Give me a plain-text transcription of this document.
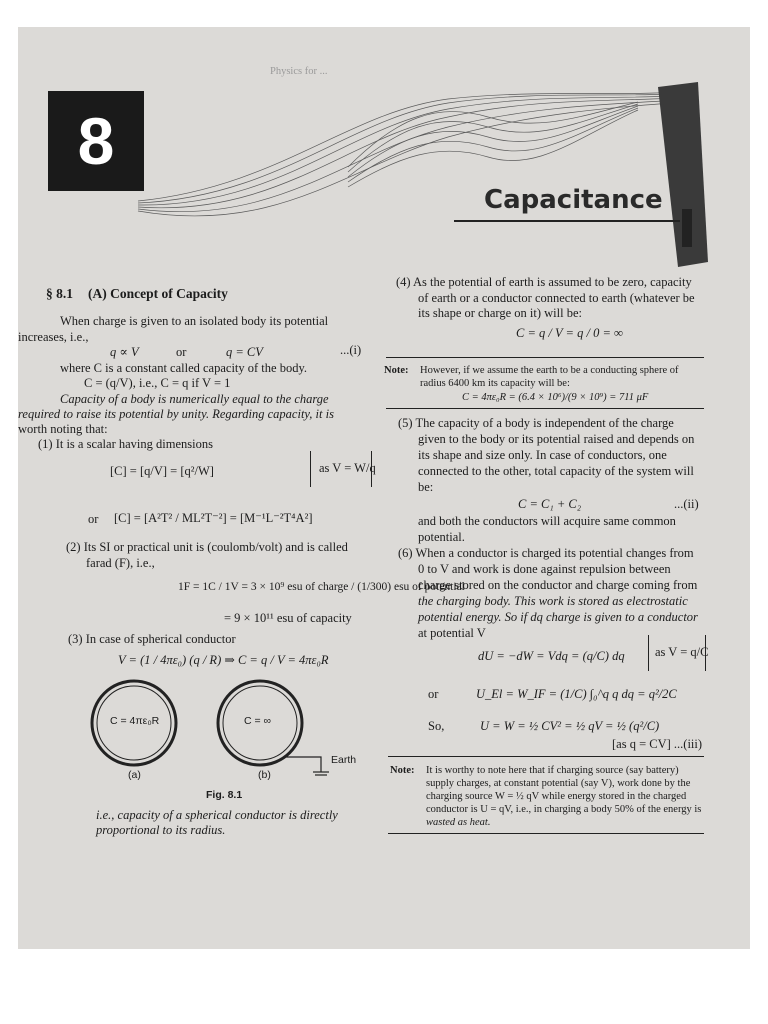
Physics for ...
8
Capacitance
§ 8.1 (A) Concept of Capacity
When charge is given to an isolated body its potential
increases, i.e.,
q ∝ V	or	q = CV	...(i)
where C is a constant called capacity of the body.
C = (q/V), i.e., C = q if V = 1
Capacity of a body is numerically equal to the charge
required to raise its potential by unity. Regarding capacity, it is
worth noting that:
(1) It is a scalar having dimensions
[C] = [q/V] = [q²/W]	as V = W/q
or [C] = [A²T² / ML²T⁻²] = [M⁻¹L⁻²T⁴A²]
(2) Its SI or practical unit is (coulomb/volt) and is called
farad (F), i.e.,
1F = 1C / 1V = 3 × 10⁹ esu of charge / (1/300) esu of potential
= 9 × 10¹¹ esu of capacity
(3) In case of spherical conductor
V = (1 / 4πε₀) (q / R) ⇒ C = q / V = 4πε₀R
C = 4πε₀R	C = ∞
Earth
(a)	(b)
Fig. 8.1
i.e., capacity of a spherical conductor is directly
proportional to its radius.
(4) As the potential of earth is assumed to be zero, capacity
of earth or a conductor connected to earth (whatever be
its shape or charge on it) will be:
C = q / V = q / 0 = ∞
Note: However, if we assume the earth to be a conducting sphere of
radius 6400 km its capacity will be:
C = 4πε₀R = (6.4 × 10⁶)/(9 × 10⁹) = 711 μF
(5) The capacity of a body is independent of the charge
given to the body or its potential raised and depends on
its shape and size only. In case of conductors, one
connected to the other, total capacity of the system will
be:
C = C₁ + C₂	...(ii)
and both the conductors will acquire same common
potential.
(6) When a conductor is charged its potential changes from
0 to V and work is done against repulsion between
charge stored on the conductor and charge coming from
the charging body. This work is stored as electrostatic
potential energy. So if dq charge is given to a conductor
at potential V
dU = −dW = Vdq = (q/C) dq as V = q/C
or	U_El = W_IF = (1/C) ∫₀^q q dq = q²/2C
So,	U = W = ½ CV² = ½ qV = ½ (q²/C)
[as q = CV] ...(iii)
Note: It is worthy to note here that if charging source (say battery)
supply charges, at constant potential (say V), work done by the
charging source W = ½ qV while energy stored in the charged
conductor is U = qV, i.e., in charging a body 50% of the energy is
wasted as heat.
